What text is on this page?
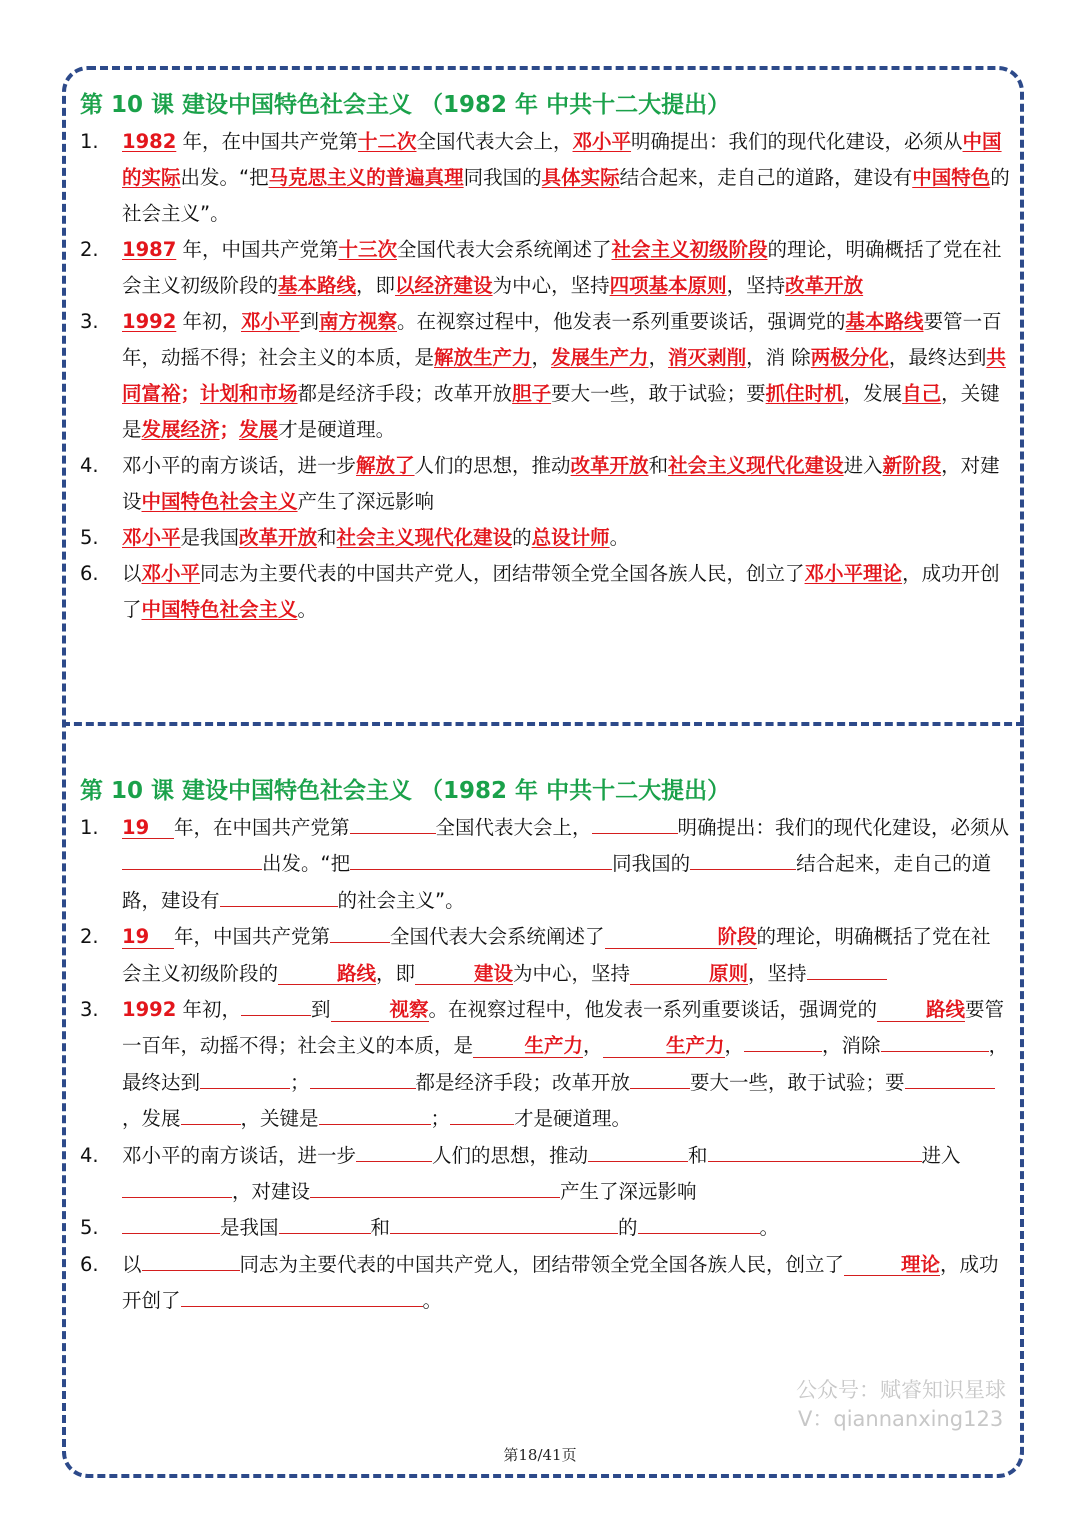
第 10 课 建设中国特色社会主义 （1982 年 中共十二大提出）

1. 1982 年，在中国共产党第十二次全国代表大会上，邓小平明确提出：我们的现代化建设，必须从中国的实际出发。“把马克思主义的普遍真理同我国的具体实际结合起来，走自己的道路，建设有中国特色的社会主义”。

2. 1987 年，中国共产党第十三次全国代表大会系统阐述了社会主义初级阶段的理论，明确概括了党在社会主义初级阶段的基本路线，即以经济建设为中心，坚持四项基本原则，坚持改革开放

3. 1992 年初，邓小平到南方视察。在视察过程中，他发表一系列重要谈话，强调党的基本路线要管一百年，动摇不得；社会主义的本质，是解放生产力，发展生产力，消灭剥削，消 除两极分化，最终达到共同富裕；计划和市场都是经济手段；改革开放胆子要大一些，敢于试验；要抓住时机，发展自己，关键是发展经济；发展才是硬道理。

4. 邓小平的南方谈话，进一步解放了人们的思想，推动改革开放和社会主义现代化建设进入新阶段，对建设中国特色社会主义产生了深远影响

5. 邓小平是我国改革开放和社会主义现代化建设的总设计师。

6. 以邓小平同志为主要代表的中国共产党人，团结带领全党全国各族人民，创立了邓小平理论，成功开创了中国特色社会主义。

第 10 课 建设中国特色社会主义 （1982 年 中共十二大提出）

1. 19 年，在中国共产党第	全国代表大会上，	明确提出：我们的现代化建设，必须从出发。“把	同我国的	结合起来，走自己的道路，建设有	的社会主义”。

2. 19 年，中国共产党第	全国代表大会系统阐述了	阶段的理论，明确概括了党在社会主义初级阶段的	路线，即	建设为中心，坚持	原则，坚持

3. 1992 年初，	到	视察。在视察过程中，他发表一系列重要谈话，强调党的	路线要管一百年，动摇不得；社会主义的本质，是	生产力，	生产力，	，消除	，最终达到	；	都是经济手段；改革开放	要大一些，敢于试验；要，发展	，关键是	；	才是硬道理。

4. 邓小平的南方谈话，进一步	人们的思想，推动	和	进入，对建设	产生了深远影响

5.	是我国	和	的	。

6. 以	同志为主要代表的中国共产党人，团结带领全党全国各族人民，创立了	理论，成功开创了	。

公众号：赋睿知识星球
V：qiannanxing123
第18/41页
